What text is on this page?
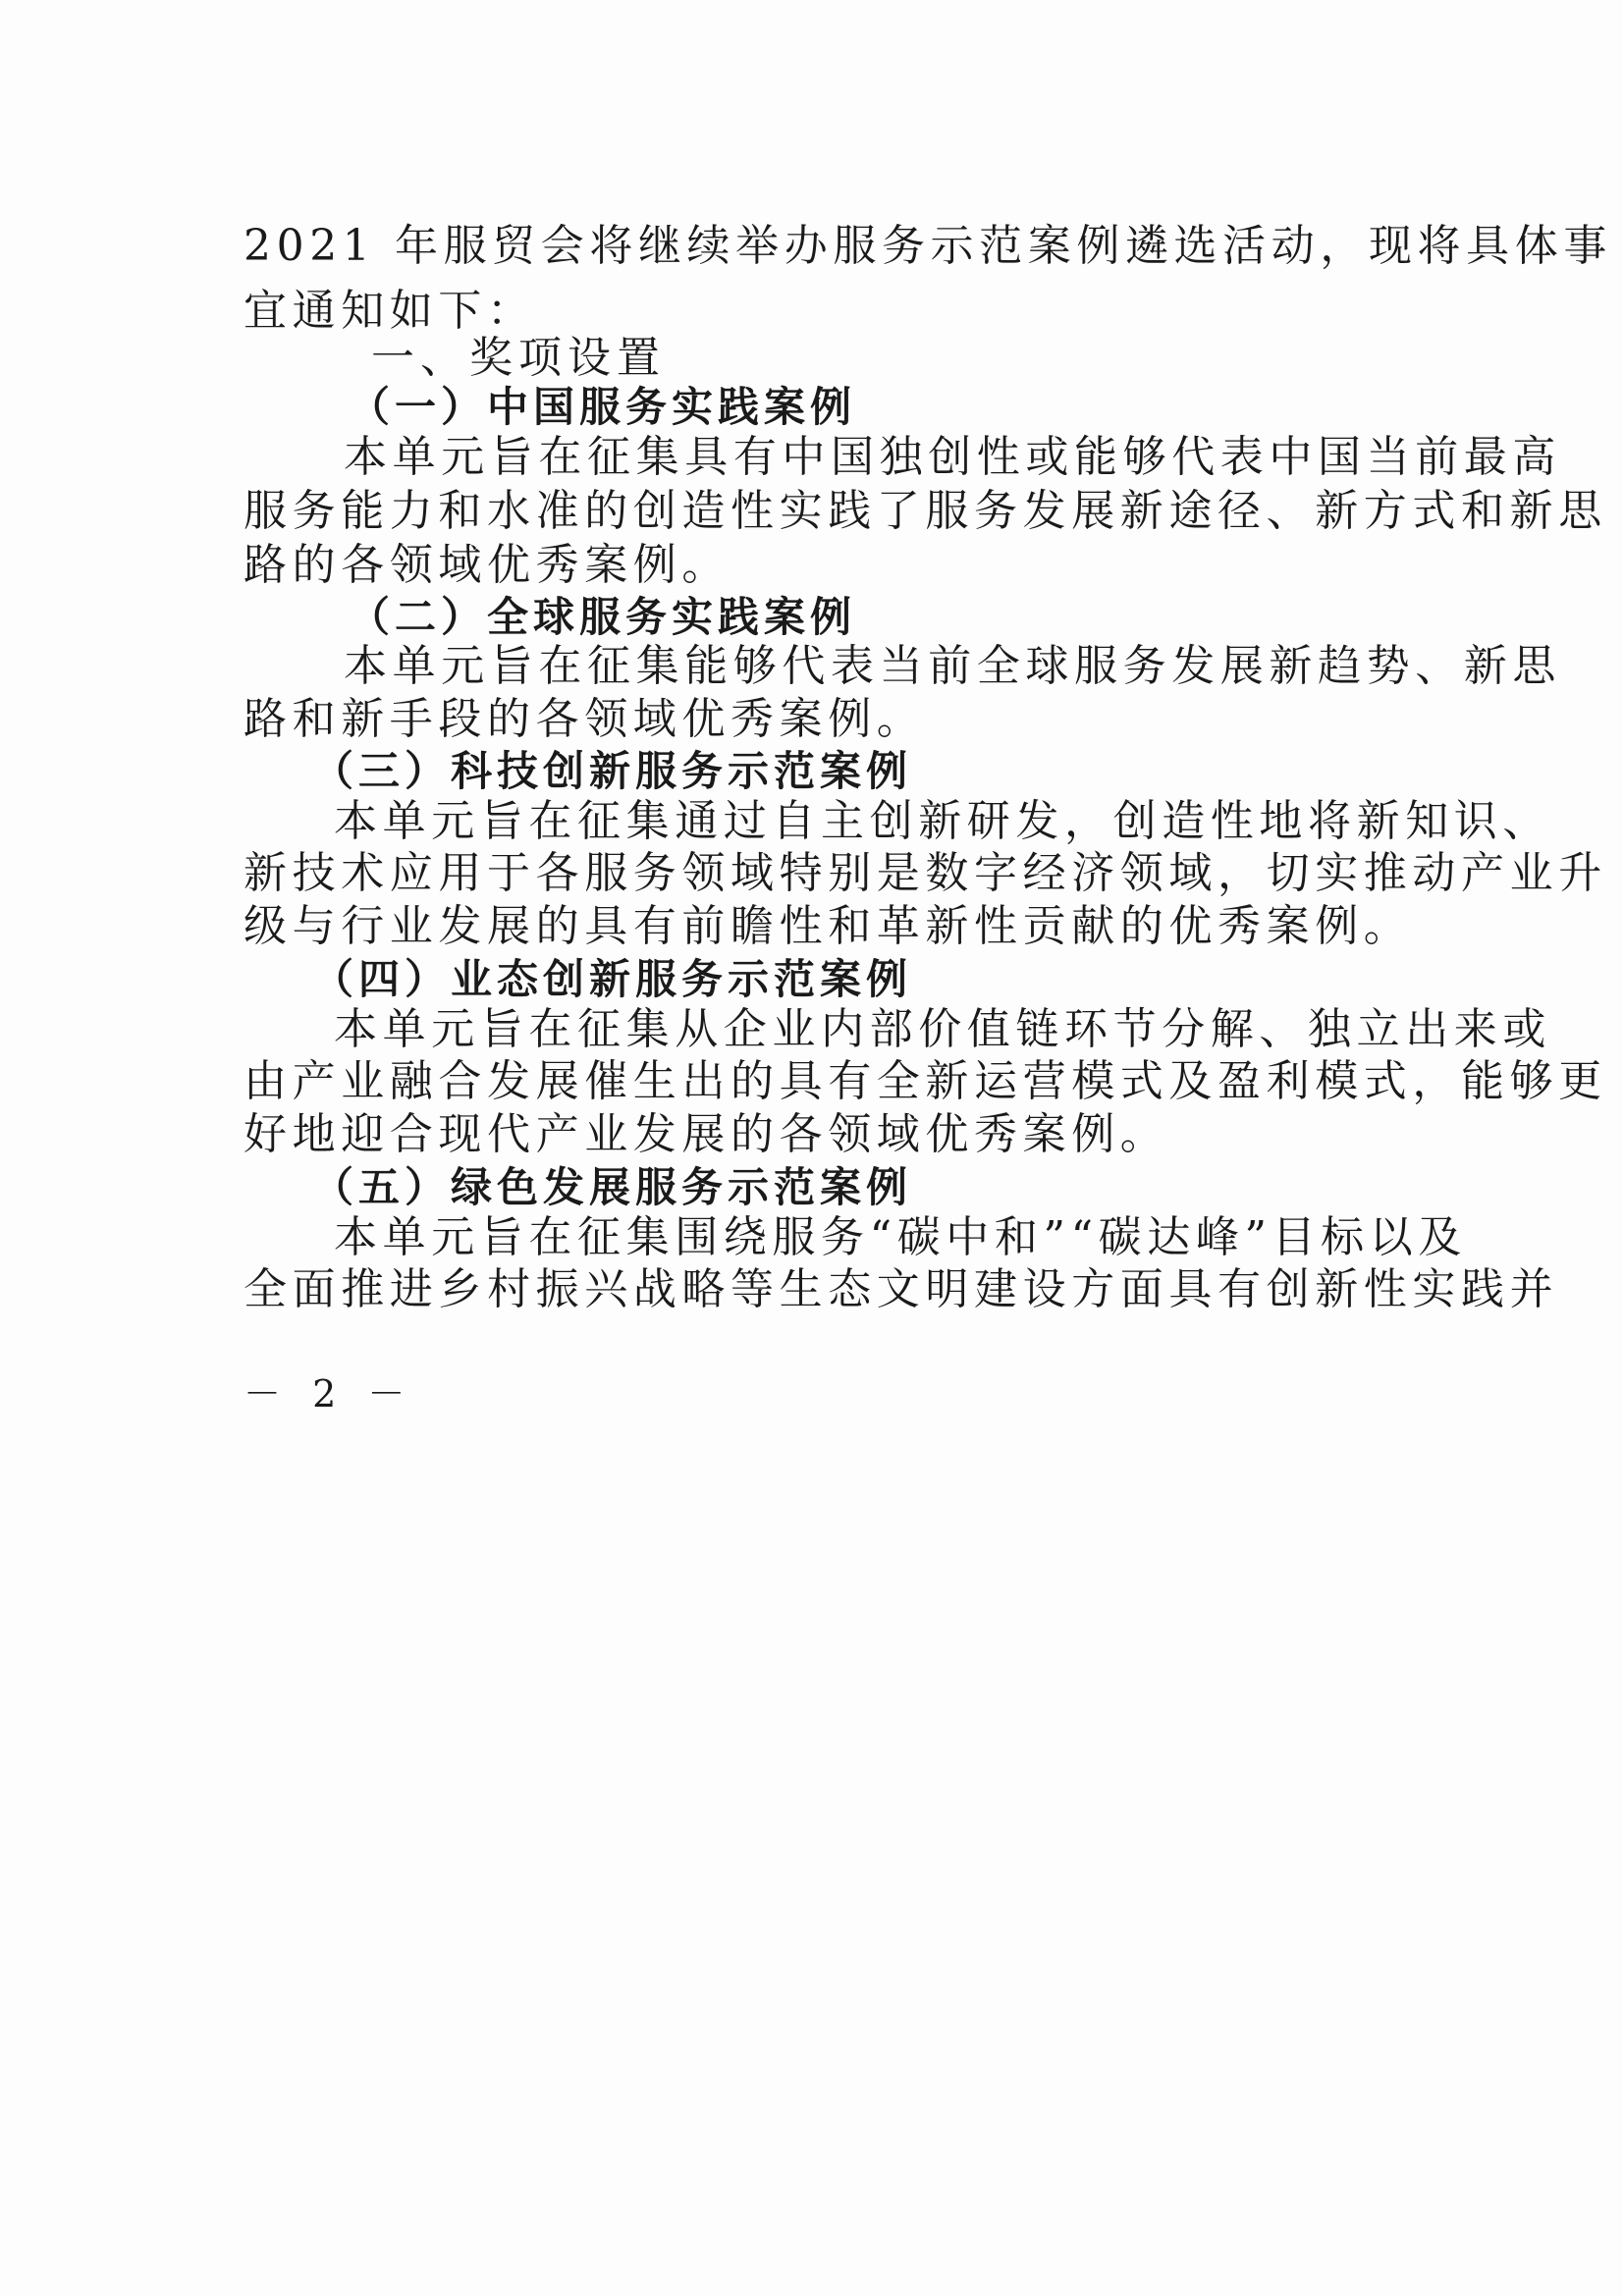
2021 年服贸会将继续举办服务示范案例遴选活动，现将具体事
宜通知如下：
一、奖项设置
（一）中国服务实践案例
本单元旨在征集具有中国独创性或能够代表中国当前最高
服务能力和水准的创造性实践了服务发展新途径、新方式和新思
路的各领域优秀案例。
（二）全球服务实践案例
本单元旨在征集能够代表当前全球服务发展新趋势、新思
路和新手段的各领域优秀案例。
（三）科技创新服务示范案例
本单元旨在征集通过自主创新研发，创造性地将新知识、
新技术应用于各服务领域特别是数字经济领域，切实推动产业升
级与行业发展的具有前瞻性和革新性贡献的优秀案例。
（四）业态创新服务示范案例
本单元旨在征集从企业内部价值链环节分解、独立出来或
由产业融合发展催生出的具有全新运营模式及盈利模式，能够更
好地迎合现代产业发展的各领域优秀案例。
（五）绿色发展服务示范案例
本单元旨在征集围绕服务“碳中和”“碳达峰”目标以及
全面推进乡村振兴战略等生态文明建设方面具有创新性实践并
－ 2 －
